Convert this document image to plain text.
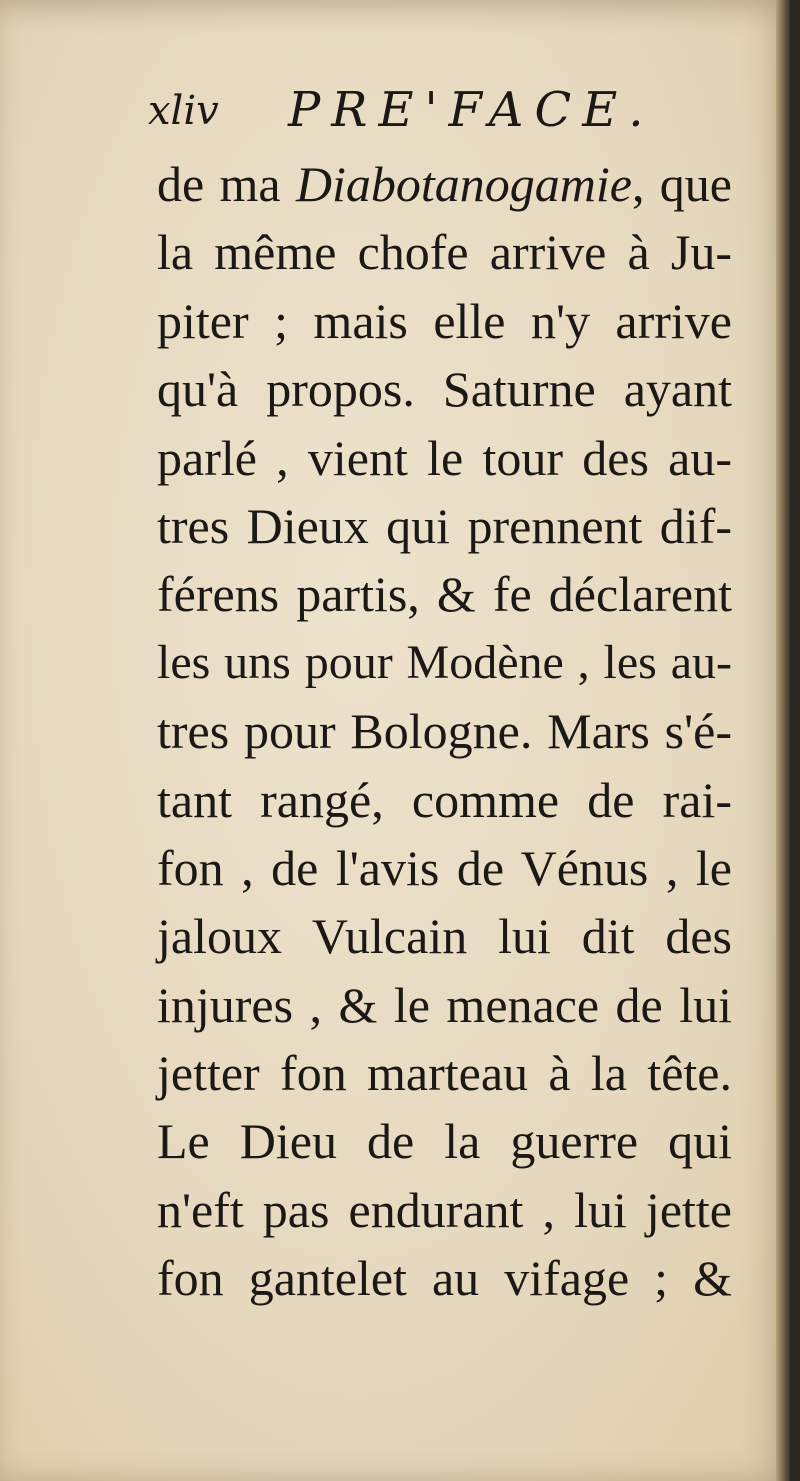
xliv PRE'FACE.
de ma Diabotanogamie, que
la même chofe arrive à Ju-
piter ; mais elle n'y arrive
qu'à propos. Saturne ayant
parlé , vient le tour des au-
tres Dieux qui prennent dif-
férens partis, & fe déclarent
les uns pour Modène , les au-
tres pour Bologne. Mars s'é-
tant rangé, comme de rai-
fon , de l'avis de Vénus , le
jaloux Vulcain lui dit des
injures , & le menace de lui
jetter fon marteau à la tête.
Le Dieu de la guerre qui
n'eft pas endurant , lui jette
fon gantelet au vifage ; &
